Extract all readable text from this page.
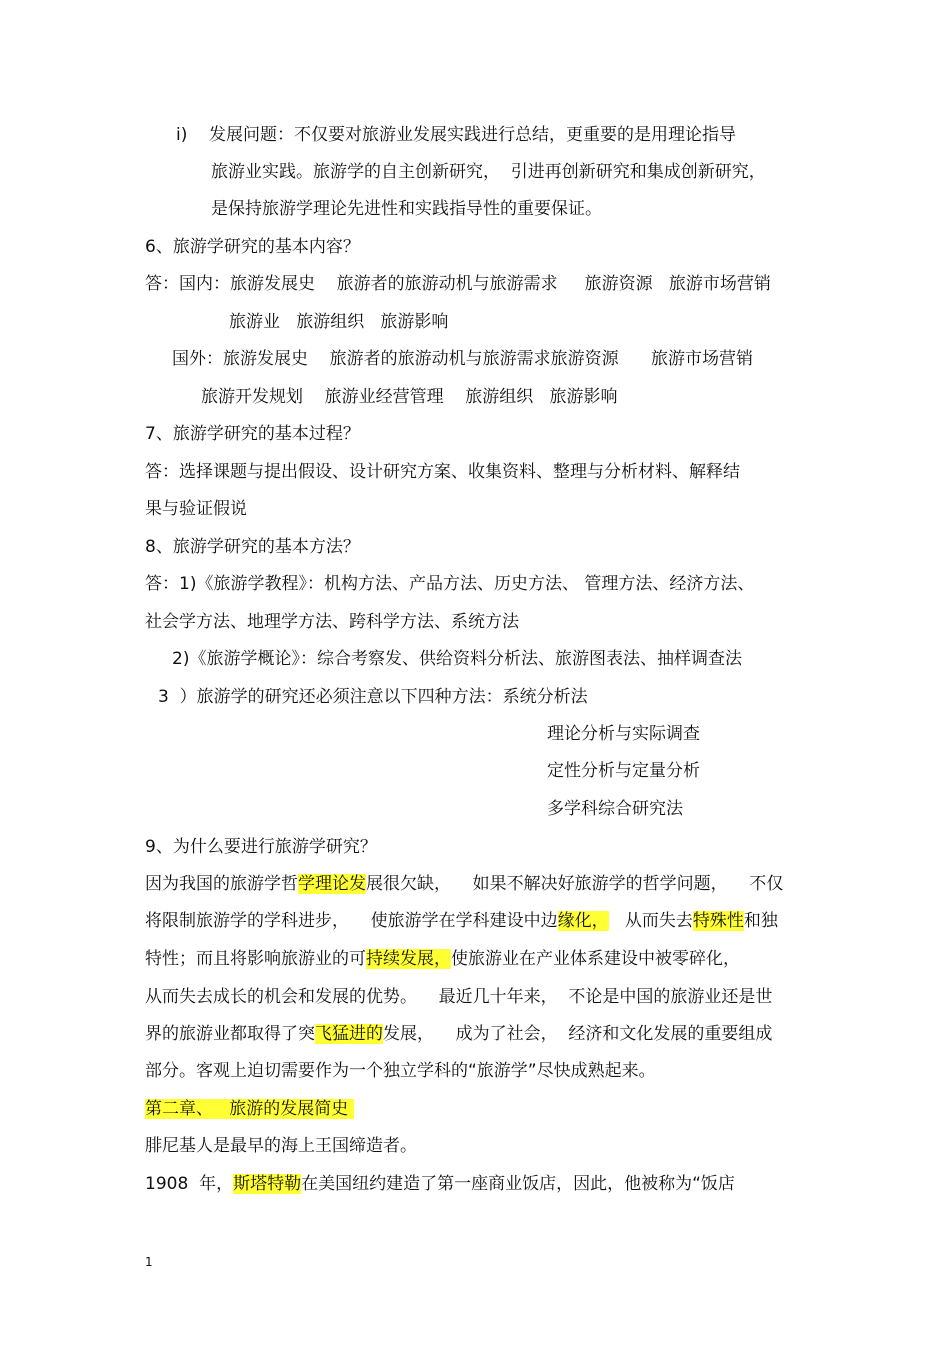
i)    发展问题：不仅要对旅游业发展实践进行总结，更重要的是用理论指导

旅游业实践。旅游学的自主创新研究，  引进再创新研究和集成创新研究，

是保持旅游学理论先进性和实践指导性的重要保证。

6、旅游学研究的基本内容？

答：国内：旅游发展史    旅游者的旅游动机与旅游需求     旅游资源   旅游市场营销

旅游业   旅游组织   旅游影响

国外：旅游发展史    旅游者的旅游动机与旅游需求旅游资源      旅游市场营销

旅游开发规划    旅游业经营管理    旅游组织   旅游影响

7、旅游学研究的基本过程？

答：选择课题与提出假设、设计研究方案、收集资料、整理与分析材料、解释结

果与验证假说

8、旅游学研究的基本方法？

答：1)《旅游学教程》：机构方法、产品方法、历史方法、 管理方法、经济方法、

社会学方法、地理学方法、跨科学方法、系统方法

2)《旅游学概论》：综合考察发、供给资料分析法、旅游图表法、抽样调查法

3  ）旅游学的研究还必须注意以下四种方法：系统分析法

理论分析与实际调查

定性分析与定量分析

多学科综合研究法

9、为什么要进行旅游学研究？

因为我国的旅游学哲学理论发展很欠缺，    如果不解决好旅游学的哲学问题，    不仅

将限制旅游学的学科进步，    使旅游学在学科建设中边缘化，   从而失去特殊性和独

特性；而且将影响旅游业的可持续发展，使旅游业在产业体系建设中被零碎化，

从而失去成长的机会和发展的优势。    最近几十年来，  不论是中国的旅游业还是世

界的旅游业都取得了突飞猛进的发展，    成为了社会，  经济和文化发展的重要组成

部分。客观上迫切需要作为一个独立学科的“旅游学”尽快成熟起来。

第二章、   旅游的发展简史

腓尼基人是最早的海上王国缔造者。

1908  年，斯塔特勒在美国纽约建造了第一座商业饭店，因此，他被称为“饭店

1
